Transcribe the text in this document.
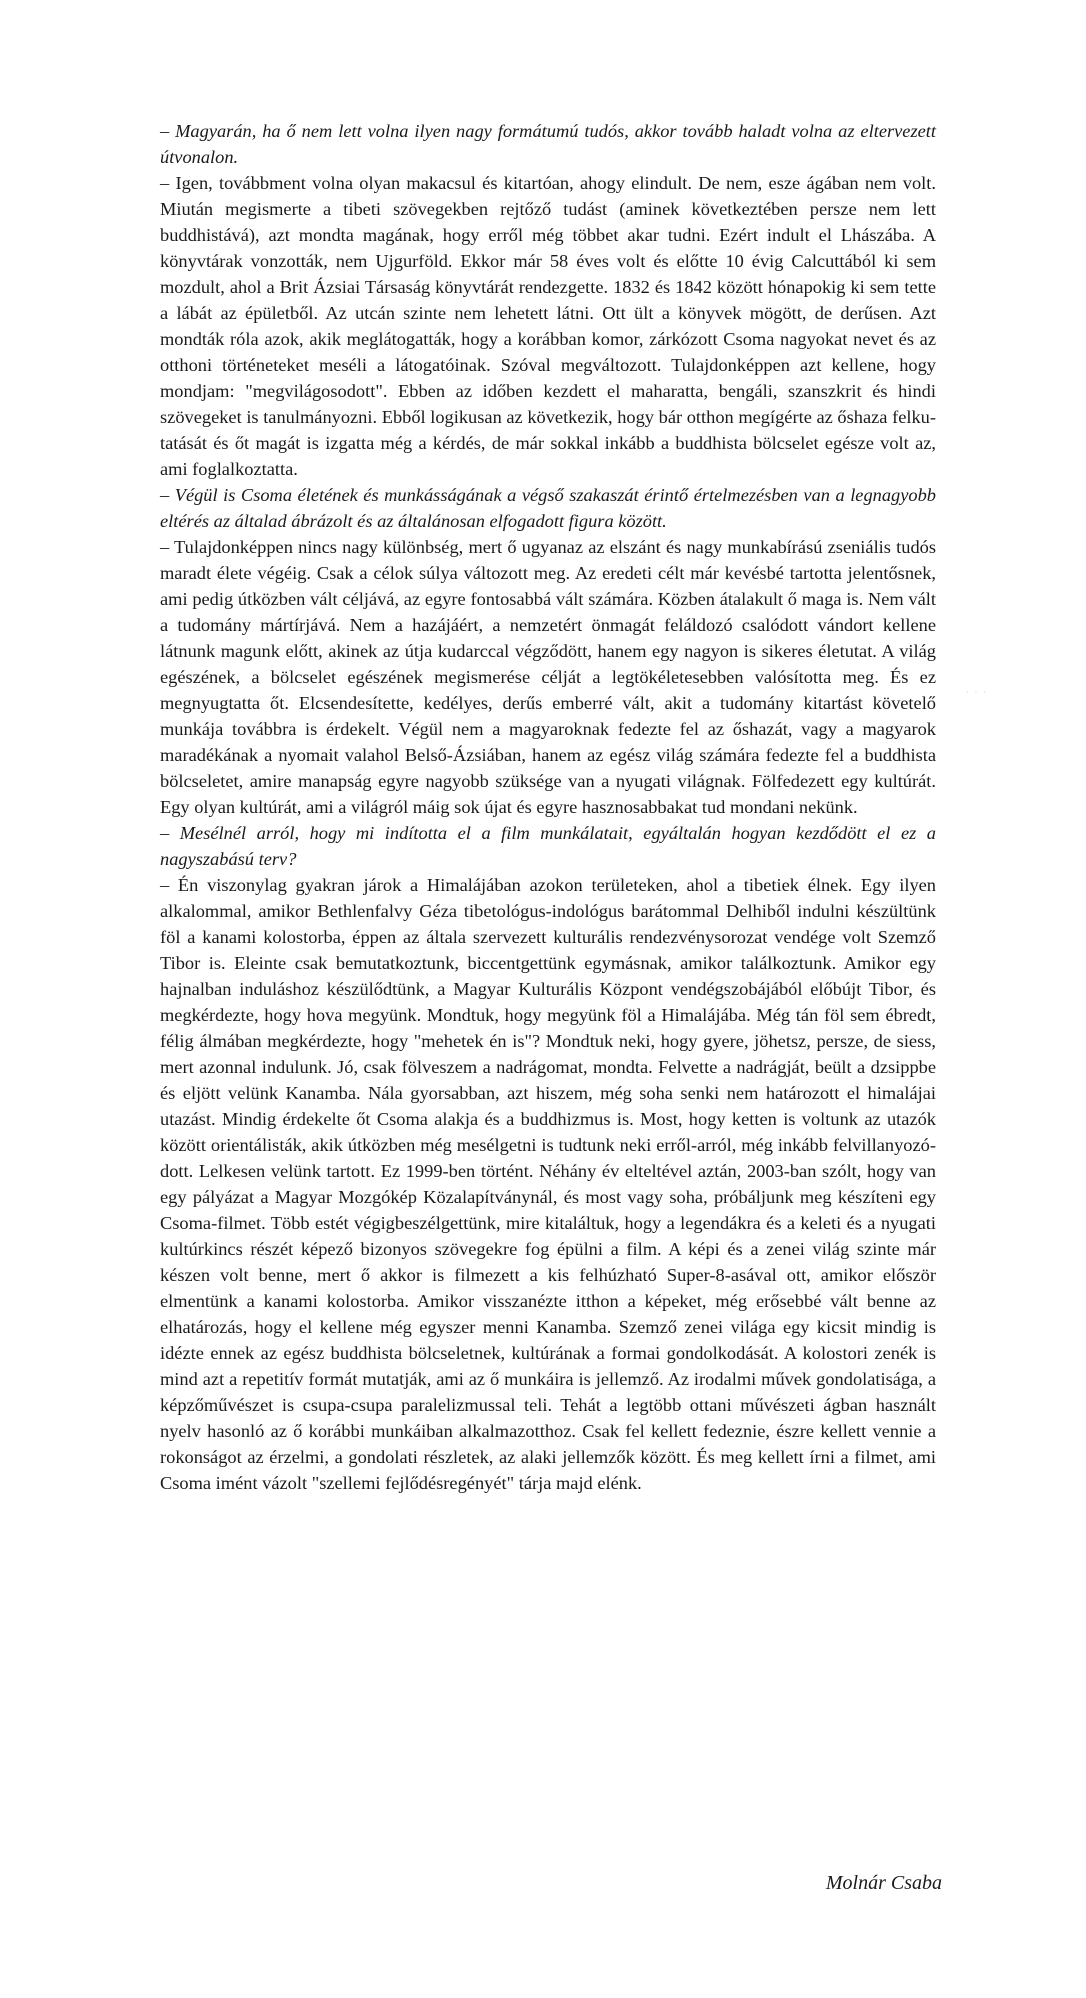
– Magyarán, ha ő nem lett volna ilyen nagy formátumú tudós, akkor tovább haladt volna az eltervezett útvonalon.

– Igen, továbbment volna olyan makacsul és kitartóan, ahogy elindult. De nem, esze ágában nem volt. Miután megismerte a tibeti szövegekben rejtőző tudást (aminek következtében persze nem lett buddhistává), azt mondta magának, hogy erről még többet akar tudni. Ezért indult el Lhászába. A könyvtárak vonzották, nem Ujgurföld. Ekkor már 58 éves volt és előtte 10 évig Calcuttából ki sem mozdult, ahol a Brit Ázsiai Társaság könyvtárát rendezgette. 1832 és 1842 között hónapokig ki sem tette a lábát az épületből. Az utcán szinte nem lehetett látni. Ott ült a könyvek mögött, de derűsen. Azt mondták róla azok, akik meglátogatták, hogy a korábban komor, zárkózott Csoma nagyokat nevet és az otthoni történeteket meséli a látogatóinak. Szóval megváltozott. Tulajdonképpen azt kellene, hogy mondjam: "megvilágosodott". Ebben az időben kezdett el maharatta, bengáli, szanszkrit és hindi szövegeket is tanulmányozni. Ebből logikusan az következik, hogy bár otthon megígérte az őshaza felkutatását és őt magát is izgatta még a kérdés, de már sokkal inkább a buddhista bölcselet egésze volt az, ami foglalkoztatta.

– Végül is Csoma életének és munkásságának a végső szakaszát érintő értelmezésben van a legnagyobb eltérés az általad ábrázolt és az általánosan elfogadott figura között.

– Tulajdonképpen nincs nagy különbség, mert ő ugyanaz az elszánt és nagy munkabírású zseniális tudós maradt élete végéig. Csak a célok súlya változott meg. Az eredeti célt már kevésbé tartotta jelentősnek, ami pedig útközben vált céljává, az egyre fontosabbá vált számára. Közben átalakult ő maga is. Nem vált a tudomány mártírjává. Nem a hazájáért, a nemzetért önmagát feláldozó csalódott vándort kellene látnunk magunk előtt, akinek az útja kudarccal végződött, hanem egy nagyon is sikeres életutat. A világ egészének, a bölcselet egészének megismerése célját a legtökéletesebben valósította meg. És ez megnyugtatta őt. Elcsendesítette, kedélyes, derűs emberré vált, akit a tudomány kitartást követelő munkája továbbra is érdekelt. Végül nem a magyaroknak fedezte fel az őshazát, vagy a magyarok maradékának a nyomait valahol Belső-Ázsiában, hanem az egész világ számára fedezte fel a buddhista bölcseletet, amire manapság egyre nagyobb szüksége van a nyugati világnak. Fölfedezett egy kultúrát. Egy olyan kultúrát, ami a világról máig sok újat és egyre hasznosabbakat tud mondani nekünk.

– Mesélnél arról, hogy mi indította el a film munkálatait, egyáltalán hogyan kezdődött el ez a nagyszabású terv?

– Én viszonylag gyakran járok a Himalájában azokon területeken, ahol a tibetiek élnek. Egy ilyen alkalommal, amikor Bethlenfalvy Géza tibetológus-indológus barátommal Delhiből indulni készültünk föl a kanami kolostorba, éppen az általa szervezett kulturális rendezvénysorozat vendége volt Szemző Tibor is. Eleinte csak bemutatkoztunk, biccentgettünk egymásnak, amikor találkoztunk. Amikor egy hajnalban induláshoz készülődtünk, a Magyar Kulturális Központ vendégszobájából előbújt Tibor, és megkérdezte, hogy hova megyünk. Mondtuk, hogy megyünk föl a Himalájába. Még tán föl sem ébredt, félig álmában megkérdezte, hogy "mehetek én is"? Mondtuk neki, hogy gyere, jöhetsz, persze, de siess, mert azonnal indulunk. Jó, csak fölveszem a nadrágomat, mondta. Felvette a nadrágját, beült a dzsippbe és eljött velünk Kanamba. Nála gyorsabban, azt hiszem, még soha senki nem határozott el himalájai utazást. Mindig érdekelte őt Csoma alakja és a buddhizmus is. Most, hogy ketten is voltunk az utazók között orientálisták, akik útközben még mesélgetni is tudtunk neki erről-arról, még inkább felvillanyozódott. Lelkesen velünk tartott. Ez 1999-ben történt. Néhány év elteltével aztán, 2003-ban szólt, hogy van egy pályázat a Magyar Mozgókép Közalapítványnál, és most vagy soha, próbáljunk meg készíteni egy Csoma-filmet. Több estét végigbeszélgettünk, mire kitaláltuk, hogy a legendákra és a keleti és a nyugati kultúrkincs részét képező bizonyos szövegekre fog épülni a film. A képi és a zenei világ szinte már készen volt benne, mert ő akkor is filmezett a kis felhúzható Super-8-asával ott, amikor először elmentünk a kanami kolostorba. Amikor visszanézte itthon a képeket, még erősebbé vált benne az elhatározás, hogy el kellene még egyszer menni Kanamba. Szemző zenei világa egy kicsit mindig is idézte ennek az egész buddhista bölcseletnek, kultúrának a formai gondolkodását. A kolostori zenék is mind azt a repetitív formát mutatják, ami az ő munkáira is jellemző. Az irodalmi művek gondolatisága, a képzőművészet is csupa-csupa paralelizmussal teli. Tehát a legtöbb ottani művészeti ágban használt nyelv hasonló az ő korábbi munkáiban alkalmazotthoz. Csak fel kellett fedeznie, észre kellett vennie a rokonságot az érzelmi, a gondolati részletek, az alaki jellemzők között. És meg kellett írni a filmet, ami Csoma imént vázolt "szellemi fejlődésregényét" tárja majd elénk.

· · ·
Molnár Csaba
